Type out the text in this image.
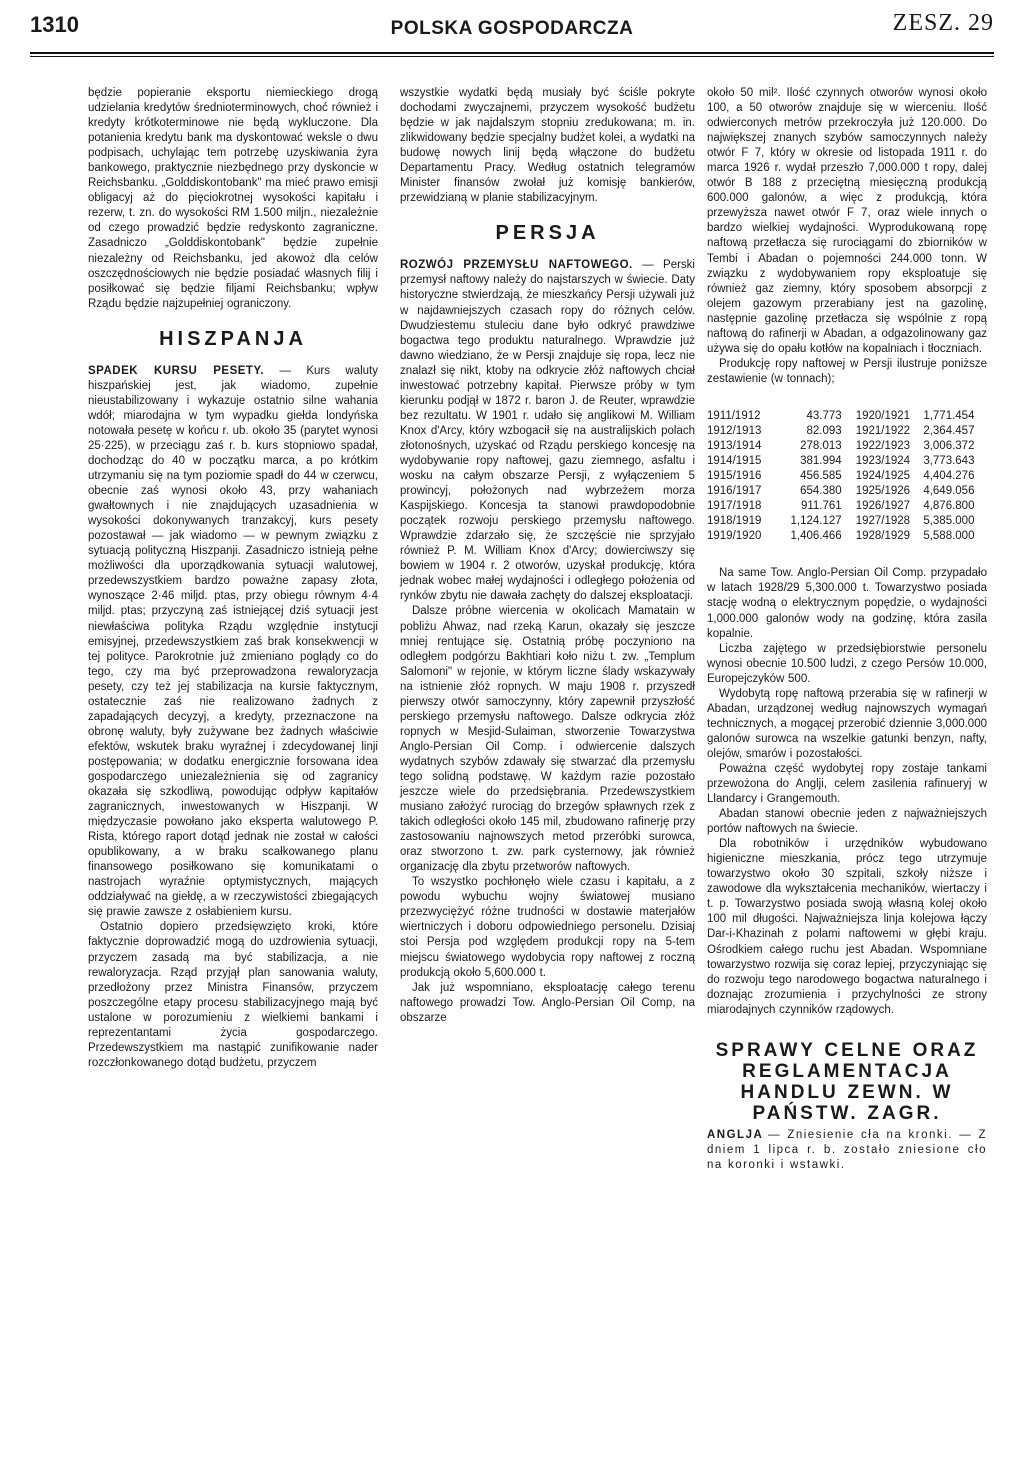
1310	POLSKA GOSPODARCZA	ZESZ. 29

będzie popieranie eksportu niemieckiego drogą udzielania kredytów średnioterminowych, choć również i kredyty krótkoterminowe nie będą wykluczone. Dla potanienia kredytu bank ma dyskontować weksle o dwu podpisach, uchylając tem potrzebę uzyskiwania żyra bankowego, praktycznie niezbędnego przy dyskoncie w Reichsbanku. „Golddiskontobank" ma mieć prawo emisji obligacyj aż do pięciokrotnej wysokości kapitału i rezerw, t. zn. do wysokości RM 1.500 miljn., niezależnie od czego prowadzić będzie redyskonto zagraniczne. Zasadniczo „Golddiskontobank" będzie zupełnie niezależny od Reichsbanku, jed akowoż dla celów oszczędnościowych nie będzie posiadać własnych filij i posiłkować się będzie filjami Reichsbanku; wpływ Rządu będzie najzupełniej ograniczony.

HISZPANJA

SPADEK KURSU PESETY. — Kurs waluty hiszpańskiej jest, jak wiadomo, zupełnie nieustabilizowany i wykazuje ostatnio silne wahania wdół; miarodajna w tym wypadku giełda londyńska notowała pesetę w końcu r. ub. około 35 (parytet wynosi 25·225), w przeciągu zaś r. b. kurs stopniowo spadał, dochodząc do 40 w początku marca, a po krótkim utrzymaniu się na tym poziomie spadł do 44 w czerwcu, obecnie zaś wynosi około 43, przy wahaniach gwałtownych i nie znajdujących uzasadnienia w wysokości dokonywanych tranzakcyj, kurs pesety pozostawał — jak wiadomo — w pewnym związku z sytuacją polityczną Hiszpanji. Zasadniczo istnieją pełne możliwości dla uporządkowania sytuacji walutowej, przedewszystkiem bardzo poważne zapasy złota, wynoszące 2·46 miljd. ptas, przy obiegu równym 4·4 miljd. ptas; przyczyną zaś istniejącej dziś sytuacji jest niewłaściwa polityka Rządu względnie instytucji emisyjnej, przedewszystkiem zaś brak konsekwencji w tej polityce. Parokrotnie już zmieniano poglądy co do tego, czy ma być przeprowadzona rewaloryzacja pesety, czy też jej stabilizacja na kursie faktycznym, ostatecznie zaś nie realizowano żadnych z zapadających decyzyj, a kredyty, przeznaczone na obronę waluty, były zużywane bez żadnych właściwie efektów, wskutek braku wyraźnej i zdecydowanej linji postępowania; w dodatku energicznie forsowana idea gospodarczego uniezależnienia się od zagranicy okazała się szkodliwą, powodując odpływ kapitałów zagranicznych, inwestowanych w Hiszpanji. W międzyczasie powołano jako eksperta walutowego P. Rista, którego raport dotąd jednak nie został w całości opublikowany, a w braku scałkowanego planu finansowego posiłkowano się komunikatami o nastrojach wyraźnie optymistycznych, mających oddziaływać na giełdę, a w rzeczywistości zbiegających się prawie zawsze z osłabieniem kursu.

Ostatnio dopiero przedsięwzięto kroki, które faktycznie doprowadzić mogą do uzdrowienia sytuacji, przyczem zasadą ma być stabilizacja, a nie rewaloryzacja. Rząd przyjął plan sanowania waluty, przedłożony przez Ministra Finansów, przyczem poszczególne etapy procesu stabilizacyjnego mają być ustalone w porozumieniu z wielkiemi bankami i reprezentantami życia gospodarczego. Przedewszystkiem ma nastąpić zunifikowanie nader rozczłonkowanego dotąd budżetu, przyczem

wszystkie wydatki będą musiały być ściśle pokryte dochodami zwyczajnemi, przyczem wysokość budżetu będzie w jak najdalszym stopniu zredukowana; m. in. zlikwidowany będzie specjalny budżet kolei, a wydatki na budowę nowych linij będą włączone do budżetu Departamentu Pracy. Według ostatnich telegramów Minister finansów zwołał już komisję bankierów, przewidzianą w planie stabilizacyjnym.

PERSJA

ROZWÓJ PRZEMYSŁU NAFTOWEGO. — Perski przemysł naftowy należy do najstarszych w świecie. Daty historyczne stwierdzają, że mieszkańcy Persji używali już w najdawniejszych czasach ropy do różnych celów. Dwudziestemu stuleciu dane było odkryć prawdziwe bogactwa tego produktu naturalnego. Wprawdzie już dawno wiedziano, że w Persji znajduje się ropa, lecz nie znalazł się nikt, ktoby na odkrycie złóż naftowych chciał inwestować potrzebny kapitał. Pierwsze próby w tym kierunku podjął w 1872 r. baron J. de Reuter, wprawdzie bez rezultatu. W 1901 r. udało się anglikowi M. William Knox d'Arcy, który wzbogacił się na australijskich polach złotonośnych, uzyskać od Rządu perskiego koncesję na wydobywanie ropy naftowej, gazu ziemnego, asfaltu i wosku na całym obszarze Persji, z wyłączeniem 5 prowincyj, położonych nad wybrzeżem morza Kaspijskiego. Koncesja ta stanowi prawdopodobnie początek rozwoju perskiego przemysłu naftowego. Wprawdzie zdarzało się, że szczęście nie sprzyjało również P. M. William Knox d'Arcy; dowierciwszy się bowiem w 1904 r. 2 otworów, uzyskał produkcję, która jednak wobec małej wydajności i odległego położenia od rynków zbytu nie dawała zachęty do dalszej eksploatacji.

Dalsze próbne wiercenia w okolicach Mamatain w pobliżu Ahwaz, nad rzeką Karun, okazały się jeszcze mniej rentujące się. Ostatnią próbę poczyniono na odległem podgórzu Bakhtiari koło niżu t. zw. „Templum Salomoni" w rejonie, w którym liczne ślady wskazywały na istnienie złóż ropnych. W maju 1908 r. przyszedł pierwszy otwór samoczynny, który zapewnił przyszłość perskiego przemysłu naftowego. Dalsze odkrycia złóż ropnych w Mesjid-Sulaiman, stworzenie Towarzystwa Anglo-Persian Oil Comp. i odwiercenie dalszych wydatnych szybów zdawały się stwarzać dla przemysłu tego solidną podstawę. W każdym razie pozostało jeszcze wiele do przedsiębrania. Przedewszystkiem musiano założyć rurociąg do brzegów spławnych rzek z takich odległości około 145 mil, zbudowano rafinerję przy zastosowaniu najnowszych metod przeróbki surowca, oraz stworzono t. zw. park cysternowy, jak również organizację dla zbytu przetworów naftowych.

To wszystko pochłonęło wiele czasu i kapitału, a z powodu wybuchu wojny światowej musiano przezwyciężyć różne trudności w dostawie materjałów wiertniczych i doboru odpowiedniego personelu. Dzisiaj stoi Persja pod względem produkcji ropy na 5-tem miejscu światowego wydobycia ropy naftowej z roczną produkcją około 5,600.000 t.

Jak już wspomniano, eksploatację całego terenu naftowego prowadzi Tow. Anglo-Persian Oil Comp, na obszarze

około 50 mil². Ilość czynnych otworów wynosi około 100, a 50 otworów znajduje się w wierceniu. Ilość odwierconych metrów przekroczyła już 120.000. Do największej znanych szybów samoczynnych należy otwór F 7, który w okresie od listopada 1911 r. do marca 1926 r. wydał przeszło 7,000.000 t ropy, dalej otwór B 188 z przeciętną miesięczną produkcją 600.000 galonów, a więc z produkcją, która przewyższa nawet otwór F 7, oraz wiele innych o bardzo wielkiej wydajności. Wyprodukowaną ropę naftową przetłacza się rurociągami do zbiorników w Tembi i Abadan o pojemności 244.000 tonn. W związku z wydobywaniem ropy eksploatuje się również gaz ziemny, który sposobem absorpcji z olejem gazowym przerabiany jest na gazolinę, następnie gazolinę przetłacza się wspólnie z ropą naftową do rafinerji w Abadan, a odgazolinowany gaz używa się do opału kotłów na kopalniach i tłoczniach.

Produkcję ropy naftowej w Persji ilustruje poniższe zestawienie (w tonnach);

1911/1912	43.773	1920/1921	1,771.454
1912/1913	82.093	1921/1922	2,364.457
1913/1914	278.013	1922/1923	3,006.372
1914/1915	381.994	1923/1924	3,773.643
1915/1916	456.585	1924/1925	4,404.276
1916/1917	654.380	1925/1926	4,649.056
1917/1918	911.761	1926/1927	4,876.800
1918/1919	1,124.127	1927/1928	5,385.000
1919/1920	1,406.466	1928/1929	5,588.000

Na same Tow. Anglo-Persian Oil Comp. przypadało w latach 1928/29 5,300.000 t. Towarzystwo posiada stację wodną o elektrycznym popędzie, o wydajności 1,000.000 galonów wody na godzinę, która zasila kopalnie.

Liczba zajętego w przedsiębiorstwie personelu wynosi obecnie 10.500 ludzi, z czego Persów 10.000, Europejczyków 500.

Wydobytą ropę naftową przerabia się w rafinerji w Abadan, urządzonej według najnowszych wymagań technicznych, a mogącej przerobić dziennie 3,000.000 galonów surowca na wszelkie gatunki benzyn, nafty, olejów, smarów i pozostałości.

Poważna część wydobytej ropy zostaje tankami przewożona do Anglji, celem zasilenia rafinueryj w Llandarcy i Grangemouth.

Abadan stanowi obecnie jeden z najważniejszych portów naftowych na świecie.

Dla robotników i urzędników wybudowano higieniczne mieszkania, prócz tego utrzymuje towarzystwo około 30 szpitali, szkoły niższe i zawodowe dla wykształcenia mechaników, wiertaczy i t. p. Towarzystwo posiada swoją własną kolej około 100 mil długości. Najważniejsza linja kolejowa łączy Dar-i-Khazinah z polami naftowemi w głębi kraju. Ośrodkiem całego ruchu jest Abadan. Wspomniane towarzystwo rozwija się coraz lepiej, przyczyniając się do rozwoju tego narodowego bogactwa naturalnego i doznając zrozumienia i przychylności ze strony miarodajnych czynników rządowych.

SPRAWY CELNE ORAZ REGLAMENTACJA HANDLU ZEWN. W PAŃSTW. ZAGR.

ANGLJA — Zniesienie cła na kronki. — Z dniem 1 lipca r. b. zostało zniesione cło na koronki i wstawki.
